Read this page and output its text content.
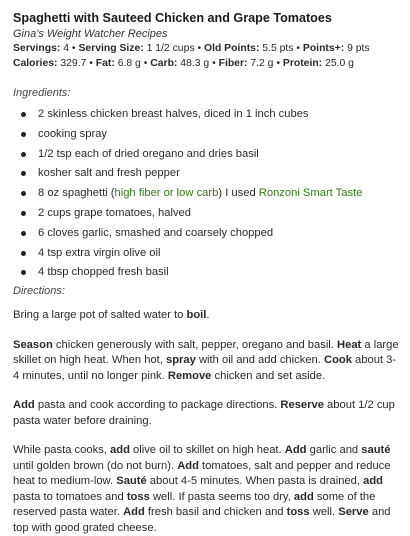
Spaghetti with Sauteed Chicken and Grape Tomatoes
Gina's Weight Watcher Recipes
Servings: 4 • Serving Size: 1 1/2 cups • Old Points: 5.5 pts • Points+: 9 pts
Calories: 329.7 • Fat: 6.8 g • Carb: 48.3 g • Fiber: 7.2 g • Protein: 25.0 g
Ingredients:
2 skinless chicken breast halves, diced in 1 inch cubes
cooking spray
1/2 tsp each of dried oregano and dries basil
kosher salt and fresh pepper
8 oz spaghetti (high fiber or low carb) I used Ronzoni Smart Taste
2 cups grape tomatoes, halved
6 cloves garlic, smashed and coarsely chopped
4 tsp extra virgin olive oil
4 tbsp chopped fresh basil
Directions:

Bring a large pot of salted water to boil.

Season chicken generously with salt, pepper, oregano and basil. Heat a large skillet on high heat. When hot, spray with oil and add chicken. Cook about 3-4 minutes, until no longer pink. Remove chicken and set aside.

Add pasta and cook according to package directions. Reserve about 1/2 cup pasta water before draining.

While pasta cooks, add olive oil to skillet on high heat. Add garlic and sauté until golden brown (do not burn). Add tomatoes, salt and pepper and reduce heat to medium-low. Sauté about 4-5 minutes. When pasta is drained, add pasta to tomatoes and toss well. If pasta seems too dry, add some of the reserved pasta water. Add fresh basil and chicken and toss well. Serve and top with good grated cheese.
